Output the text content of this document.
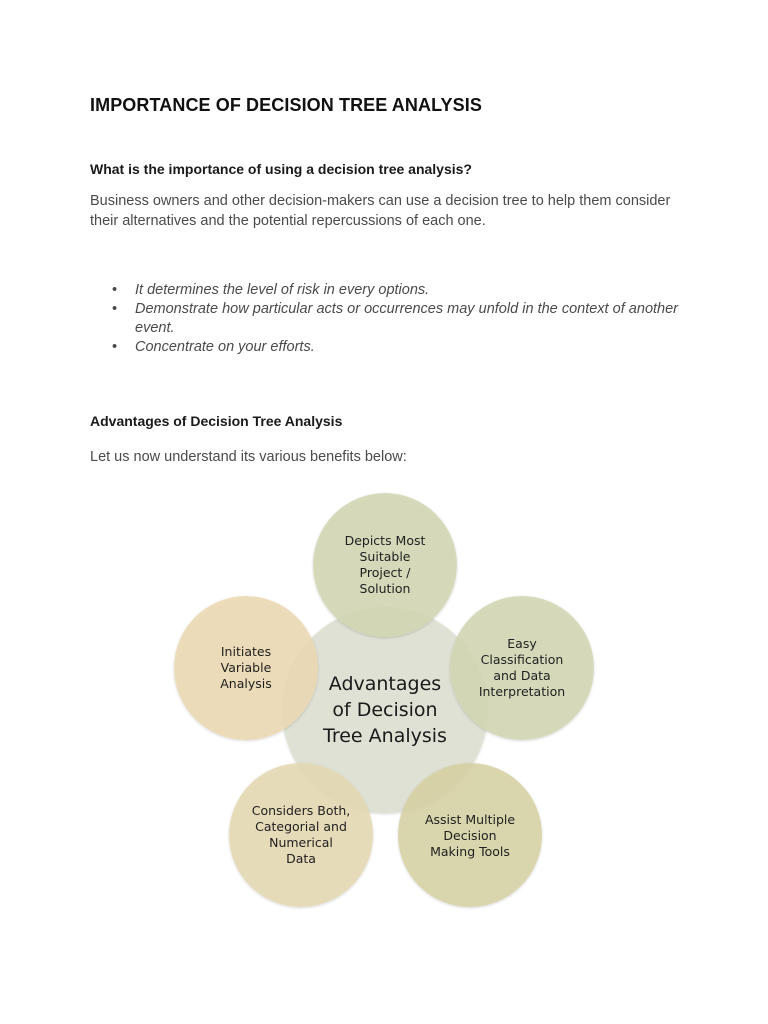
IMPORTANCE OF DECISION TREE ANALYSIS
What is the importance of using a decision tree analysis?

Business owners and other decision-makers can use a decision tree to help them consider their alternatives and the potential repercussions of each one.

• It determines the level of risk in every options.
• Demonstrate how particular acts or occurrences may unfold in the context of another event.
• Concentrate on your efforts.
Advantages of Decision Tree Analysis

Let us now understand its various benefits below:

Advantages
of Decision
Tree Analysis
Depicts Most
Suitable
Project /
Solution
Easy
Classification
and Data
Interpretation
Assist Multiple
Decision
Making Tools
Considers Both,
Categorial and
Numerical
Data
Initiates
Variable
Analysis
